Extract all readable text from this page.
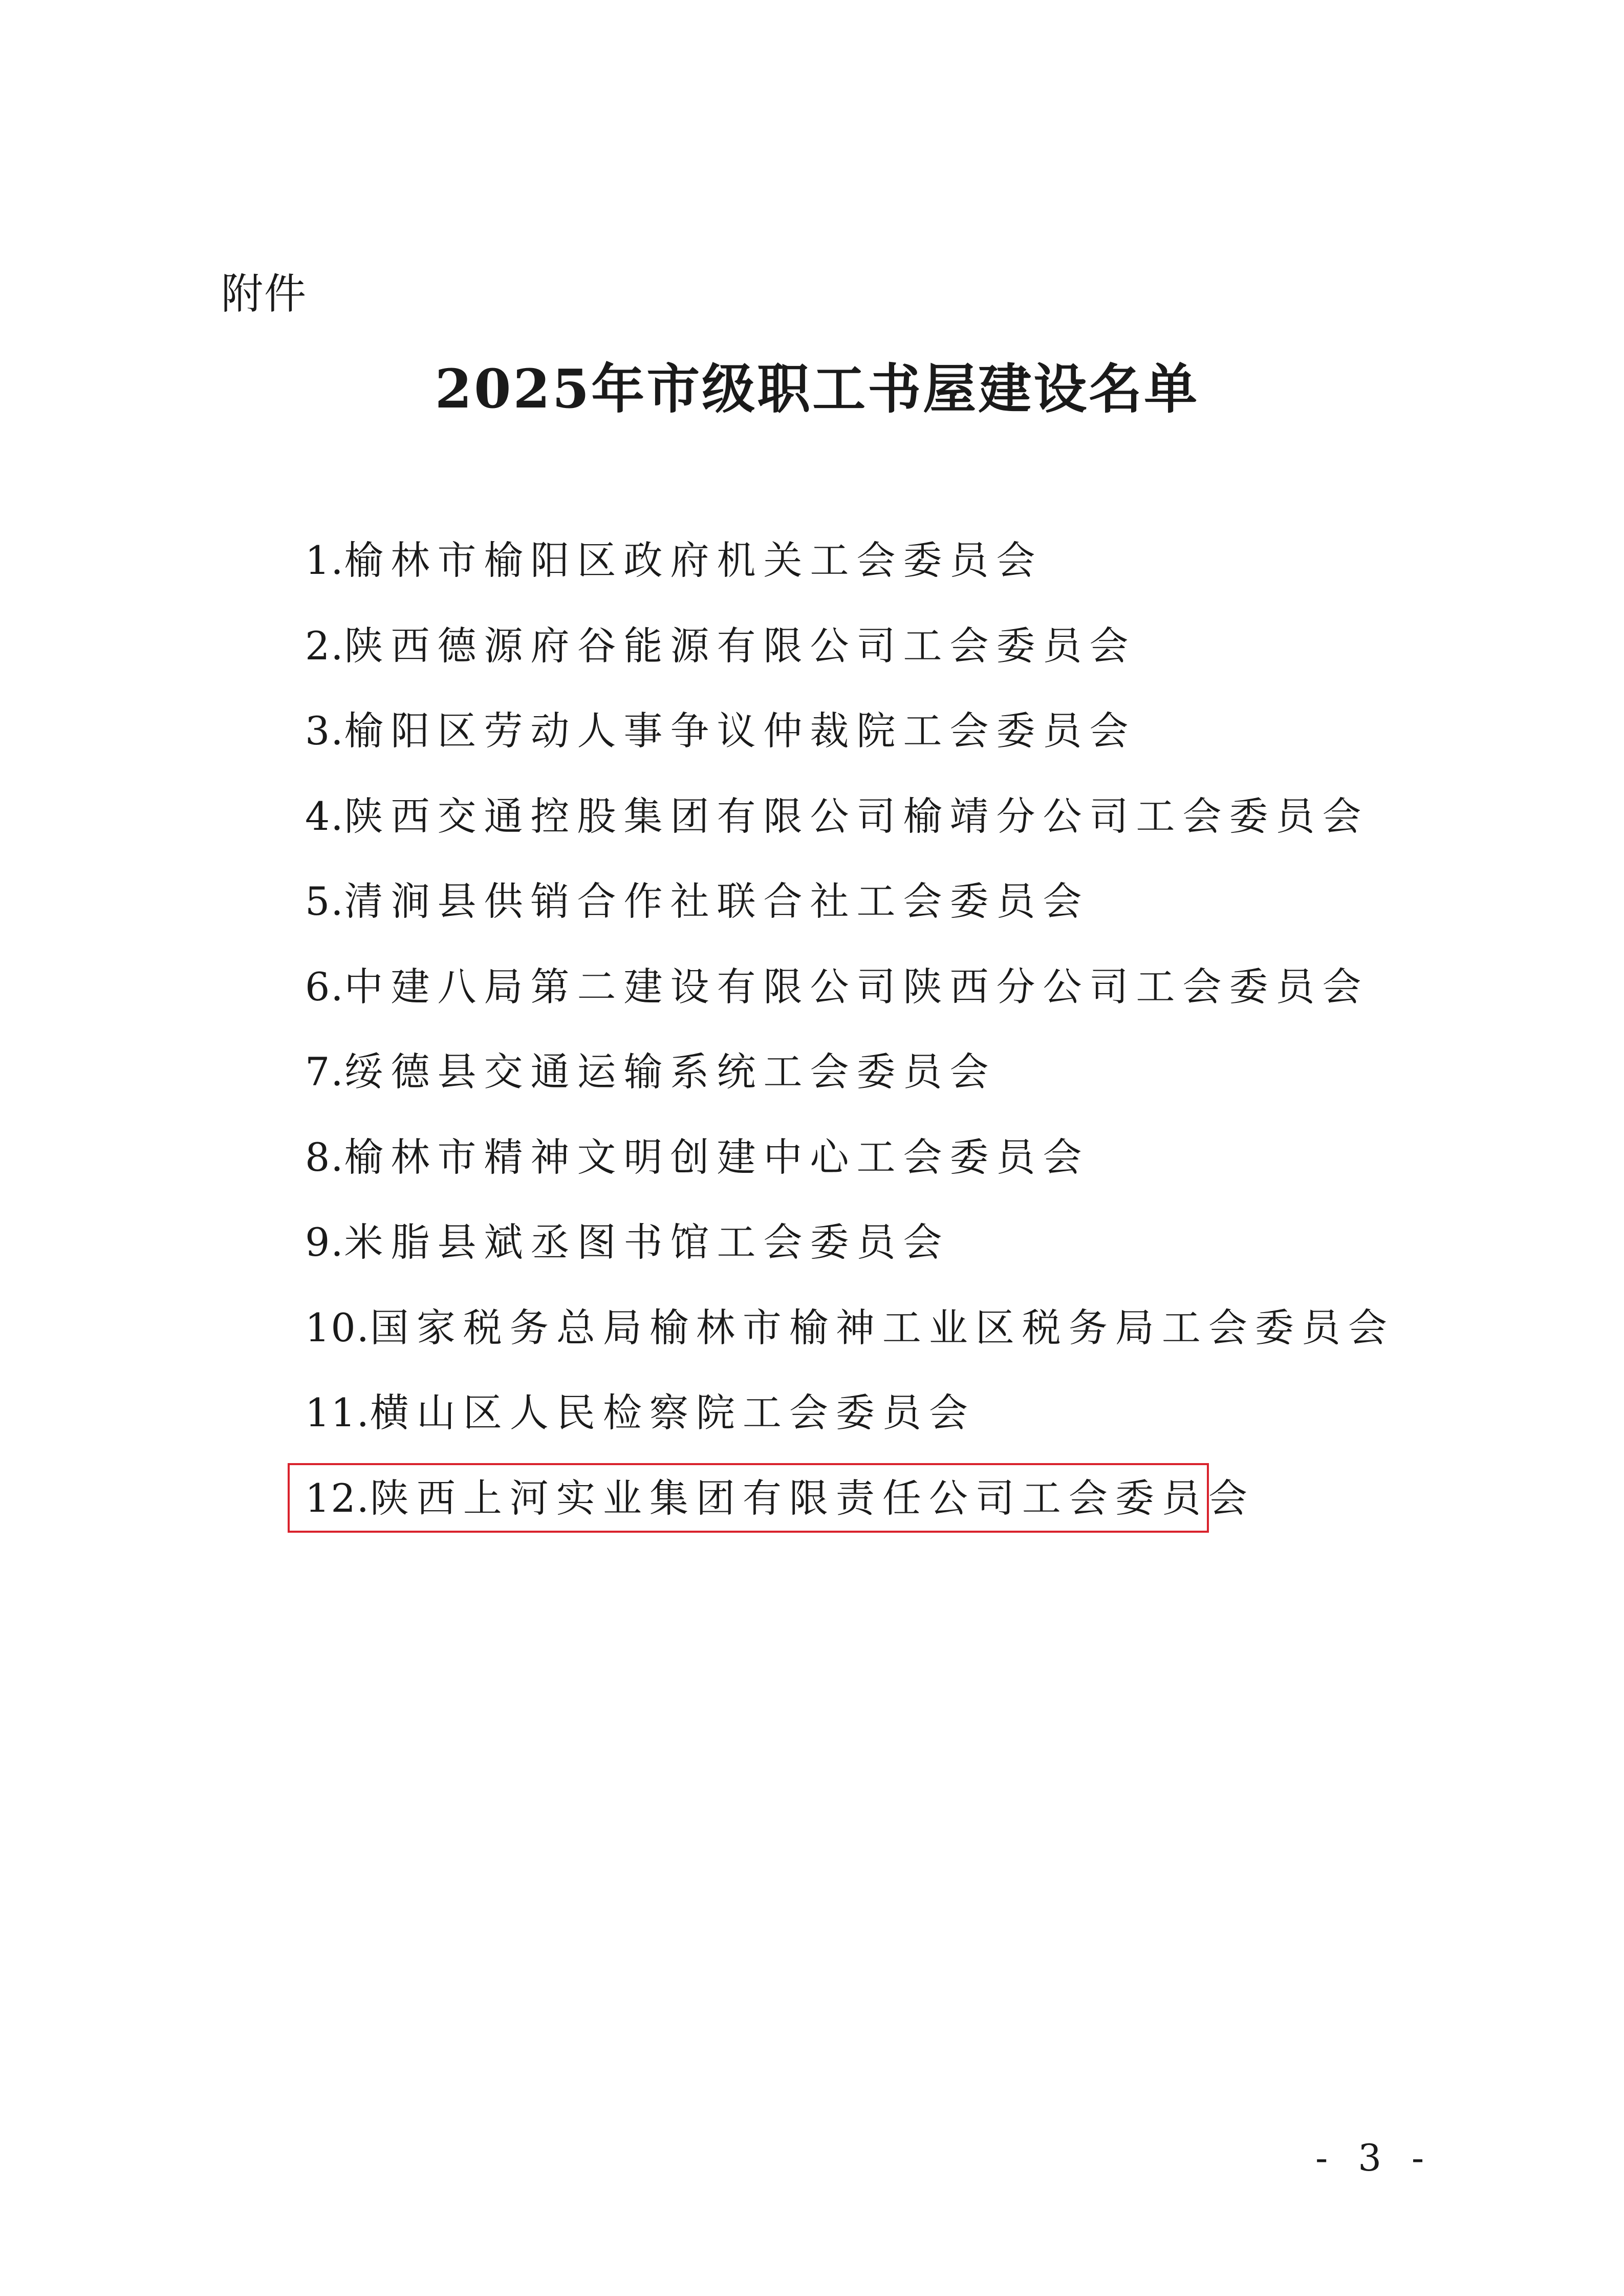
附件
2025年市级职工书屋建设名单
1.榆林市榆阳区政府机关工会委员会
2.陕西德源府谷能源有限公司工会委员会
3.榆阳区劳动人事争议仲裁院工会委员会
4.陕西交通控股集团有限公司榆靖分公司工会委员会
5.清涧县供销合作社联合社工会委员会
6.中建八局第二建设有限公司陕西分公司工会委员会
7.绥德县交通运输系统工会委员会
8.榆林市精神文明创建中心工会委员会
9.米脂县斌丞图书馆工会委员会
10.国家税务总局榆林市榆神工业区税务局工会委员会
11.横山区人民检察院工会委员会
12.陕西上河实业集团有限责任公司工会委员会
- 3 -
